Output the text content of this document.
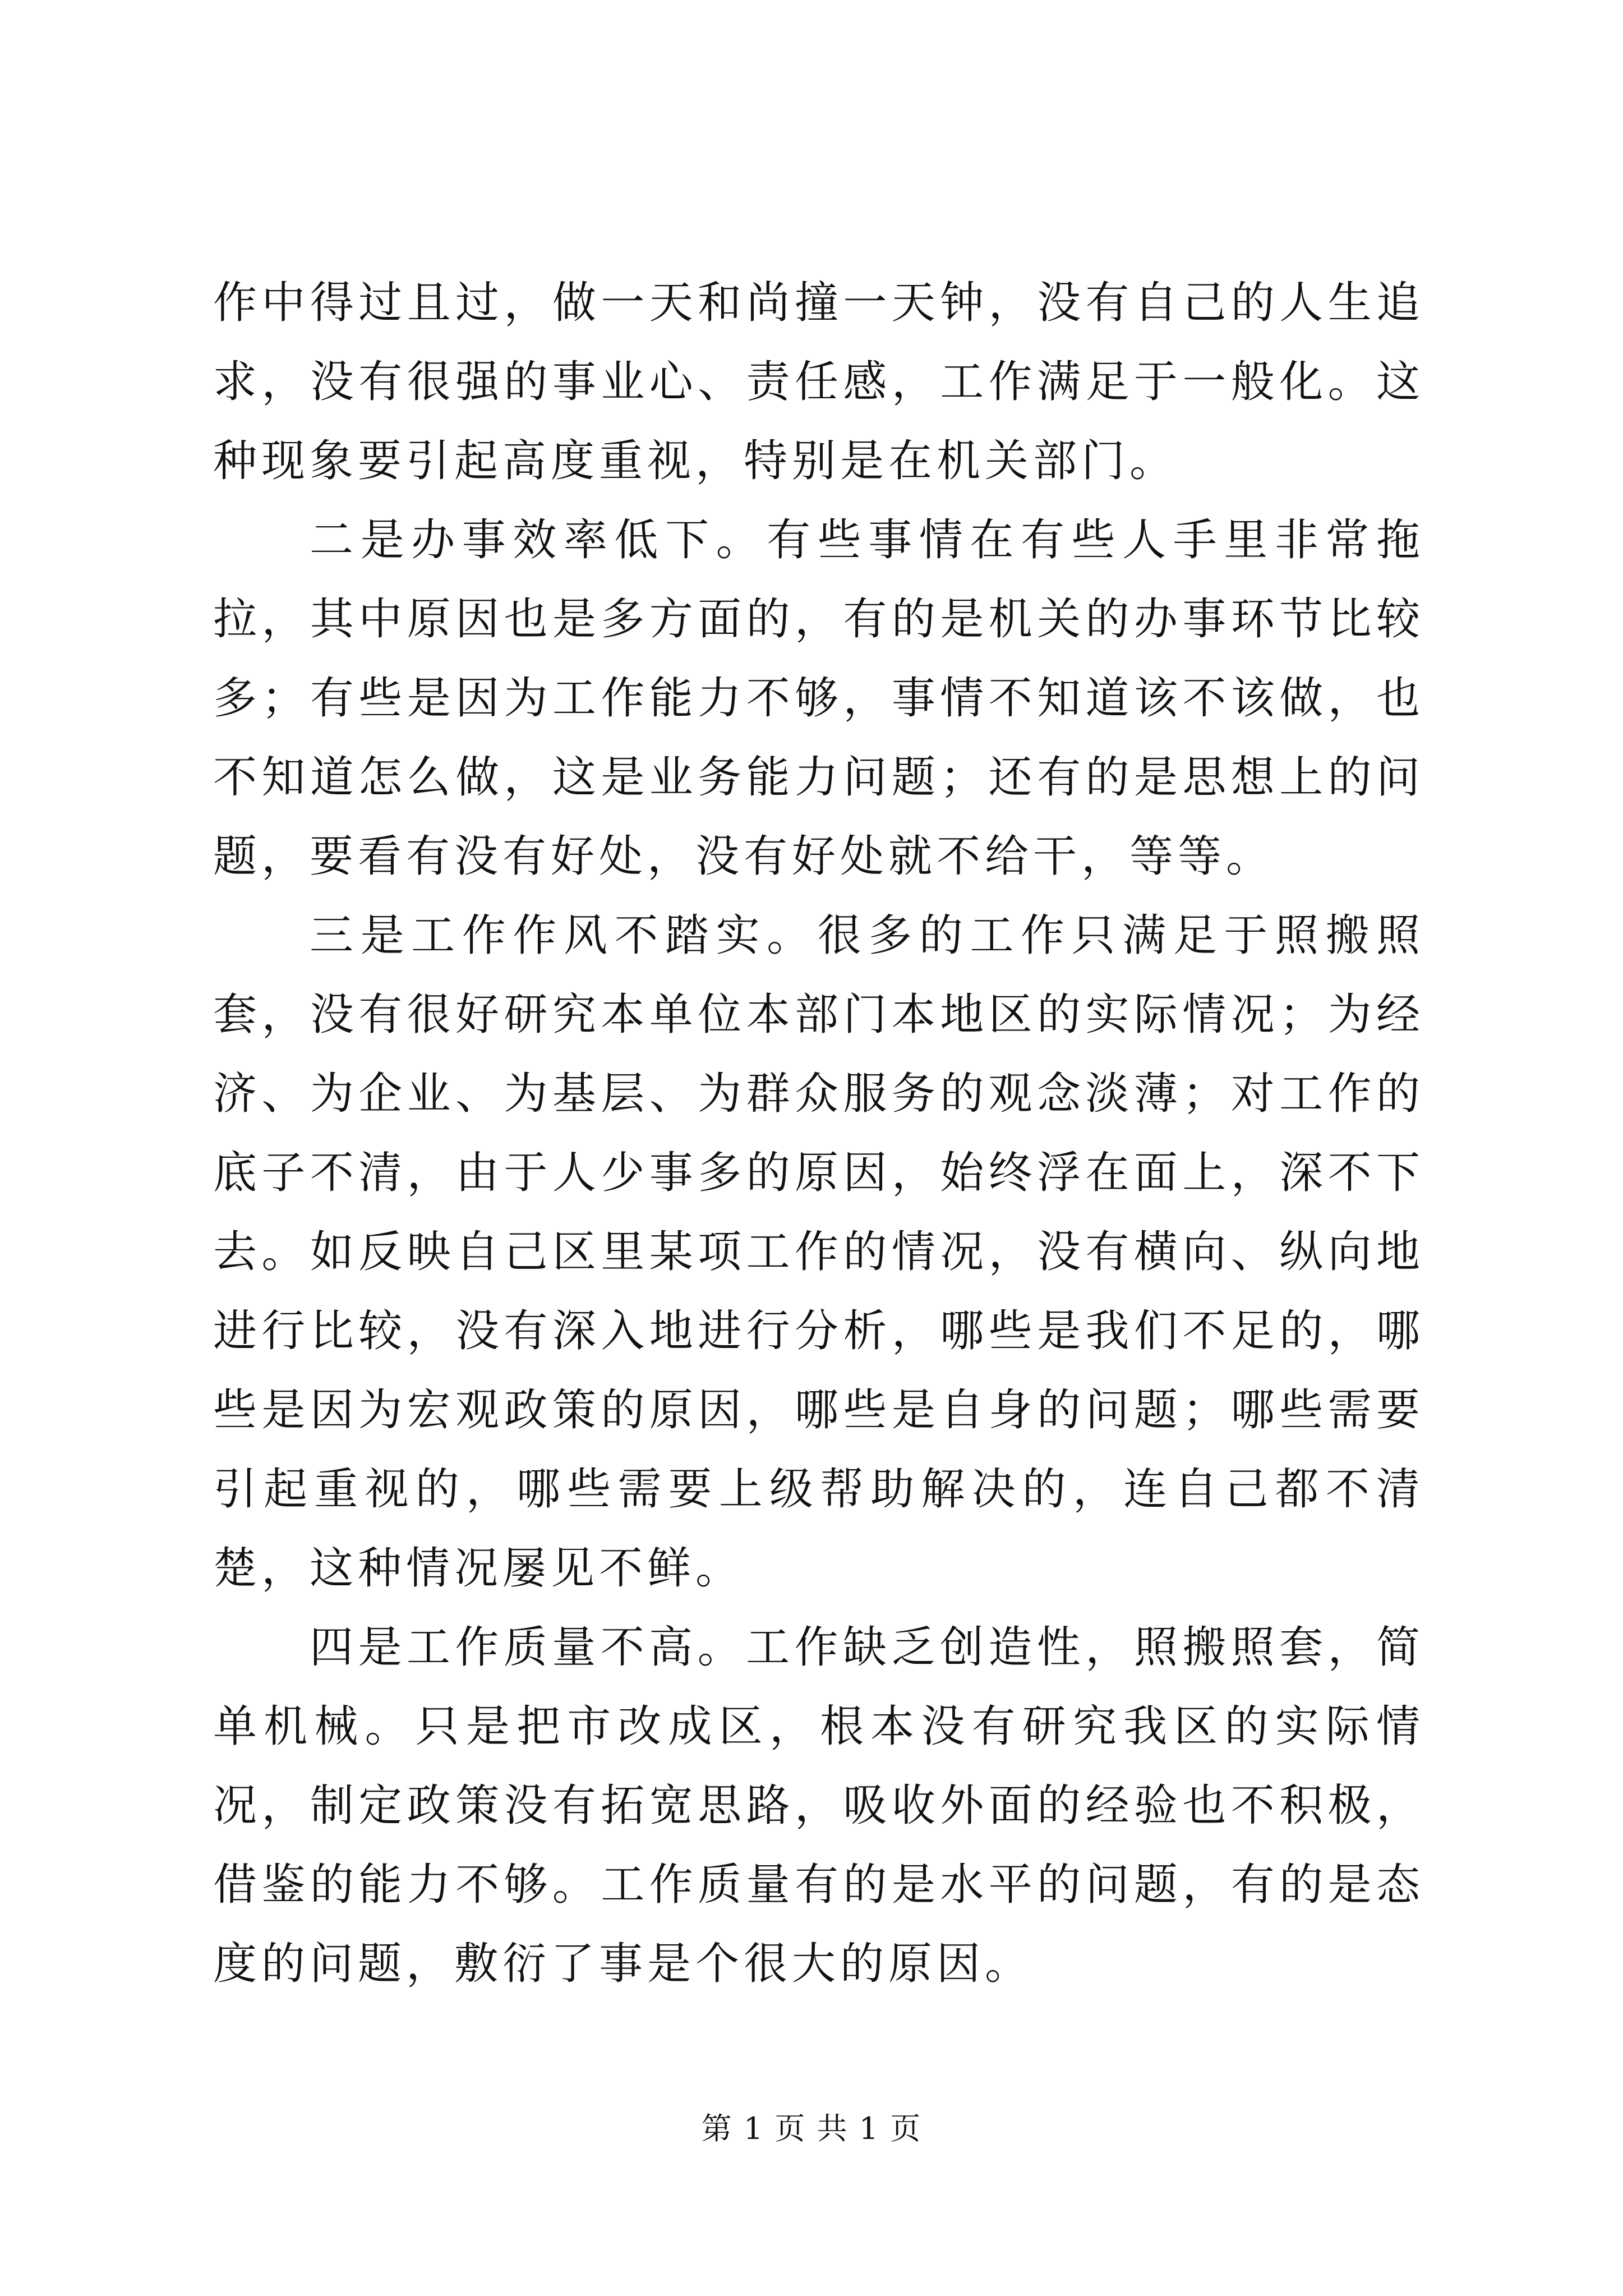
作中得过且过，做一天和尚撞一天钟，没有自己的人生追求，没有很强的事业心、责任感，工作满足于一般化。这种现象要引起高度重视，特别是在机关部门。

二是办事效率低下。有些事情在有些人手里非常拖拉，其中原因也是多方面的，有的是机关的办事环节比较多；有些是因为工作能力不够，事情不知道该不该做，也不知道怎么做，这是业务能力问题；还有的是思想上的问题，要看有没有好处，没有好处就不给干，等等。

三是工作作风不踏实。很多的工作只满足于照搬照套，没有很好研究本单位本部门本地区的实际情况；为经济、为企业、为基层、为群众服务的观念淡薄；对工作的底子不清，由于人少事多的原因，始终浮在面上，深不下去。如反映自己区里某项工作的情况，没有横向、纵向地进行比较，没有深入地进行分析，哪些是我们不足的，哪些是因为宏观政策的原因，哪些是自身的问题；哪些需要引起重视的，哪些需要上级帮助解决的，连自己都不清楚，这种情况屡见不鲜。

四是工作质量不高。工作缺乏创造性，照搬照套，简单机械。只是把市改成区，根本没有研究我区的实际情况，制定政策没有拓宽思路，吸收外面的经验也不积极，借鉴的能力不够。工作质量有的是水平的问题，有的是态度的问题，敷衍了事是个很大的原因。

第 1 页 共 1 页
